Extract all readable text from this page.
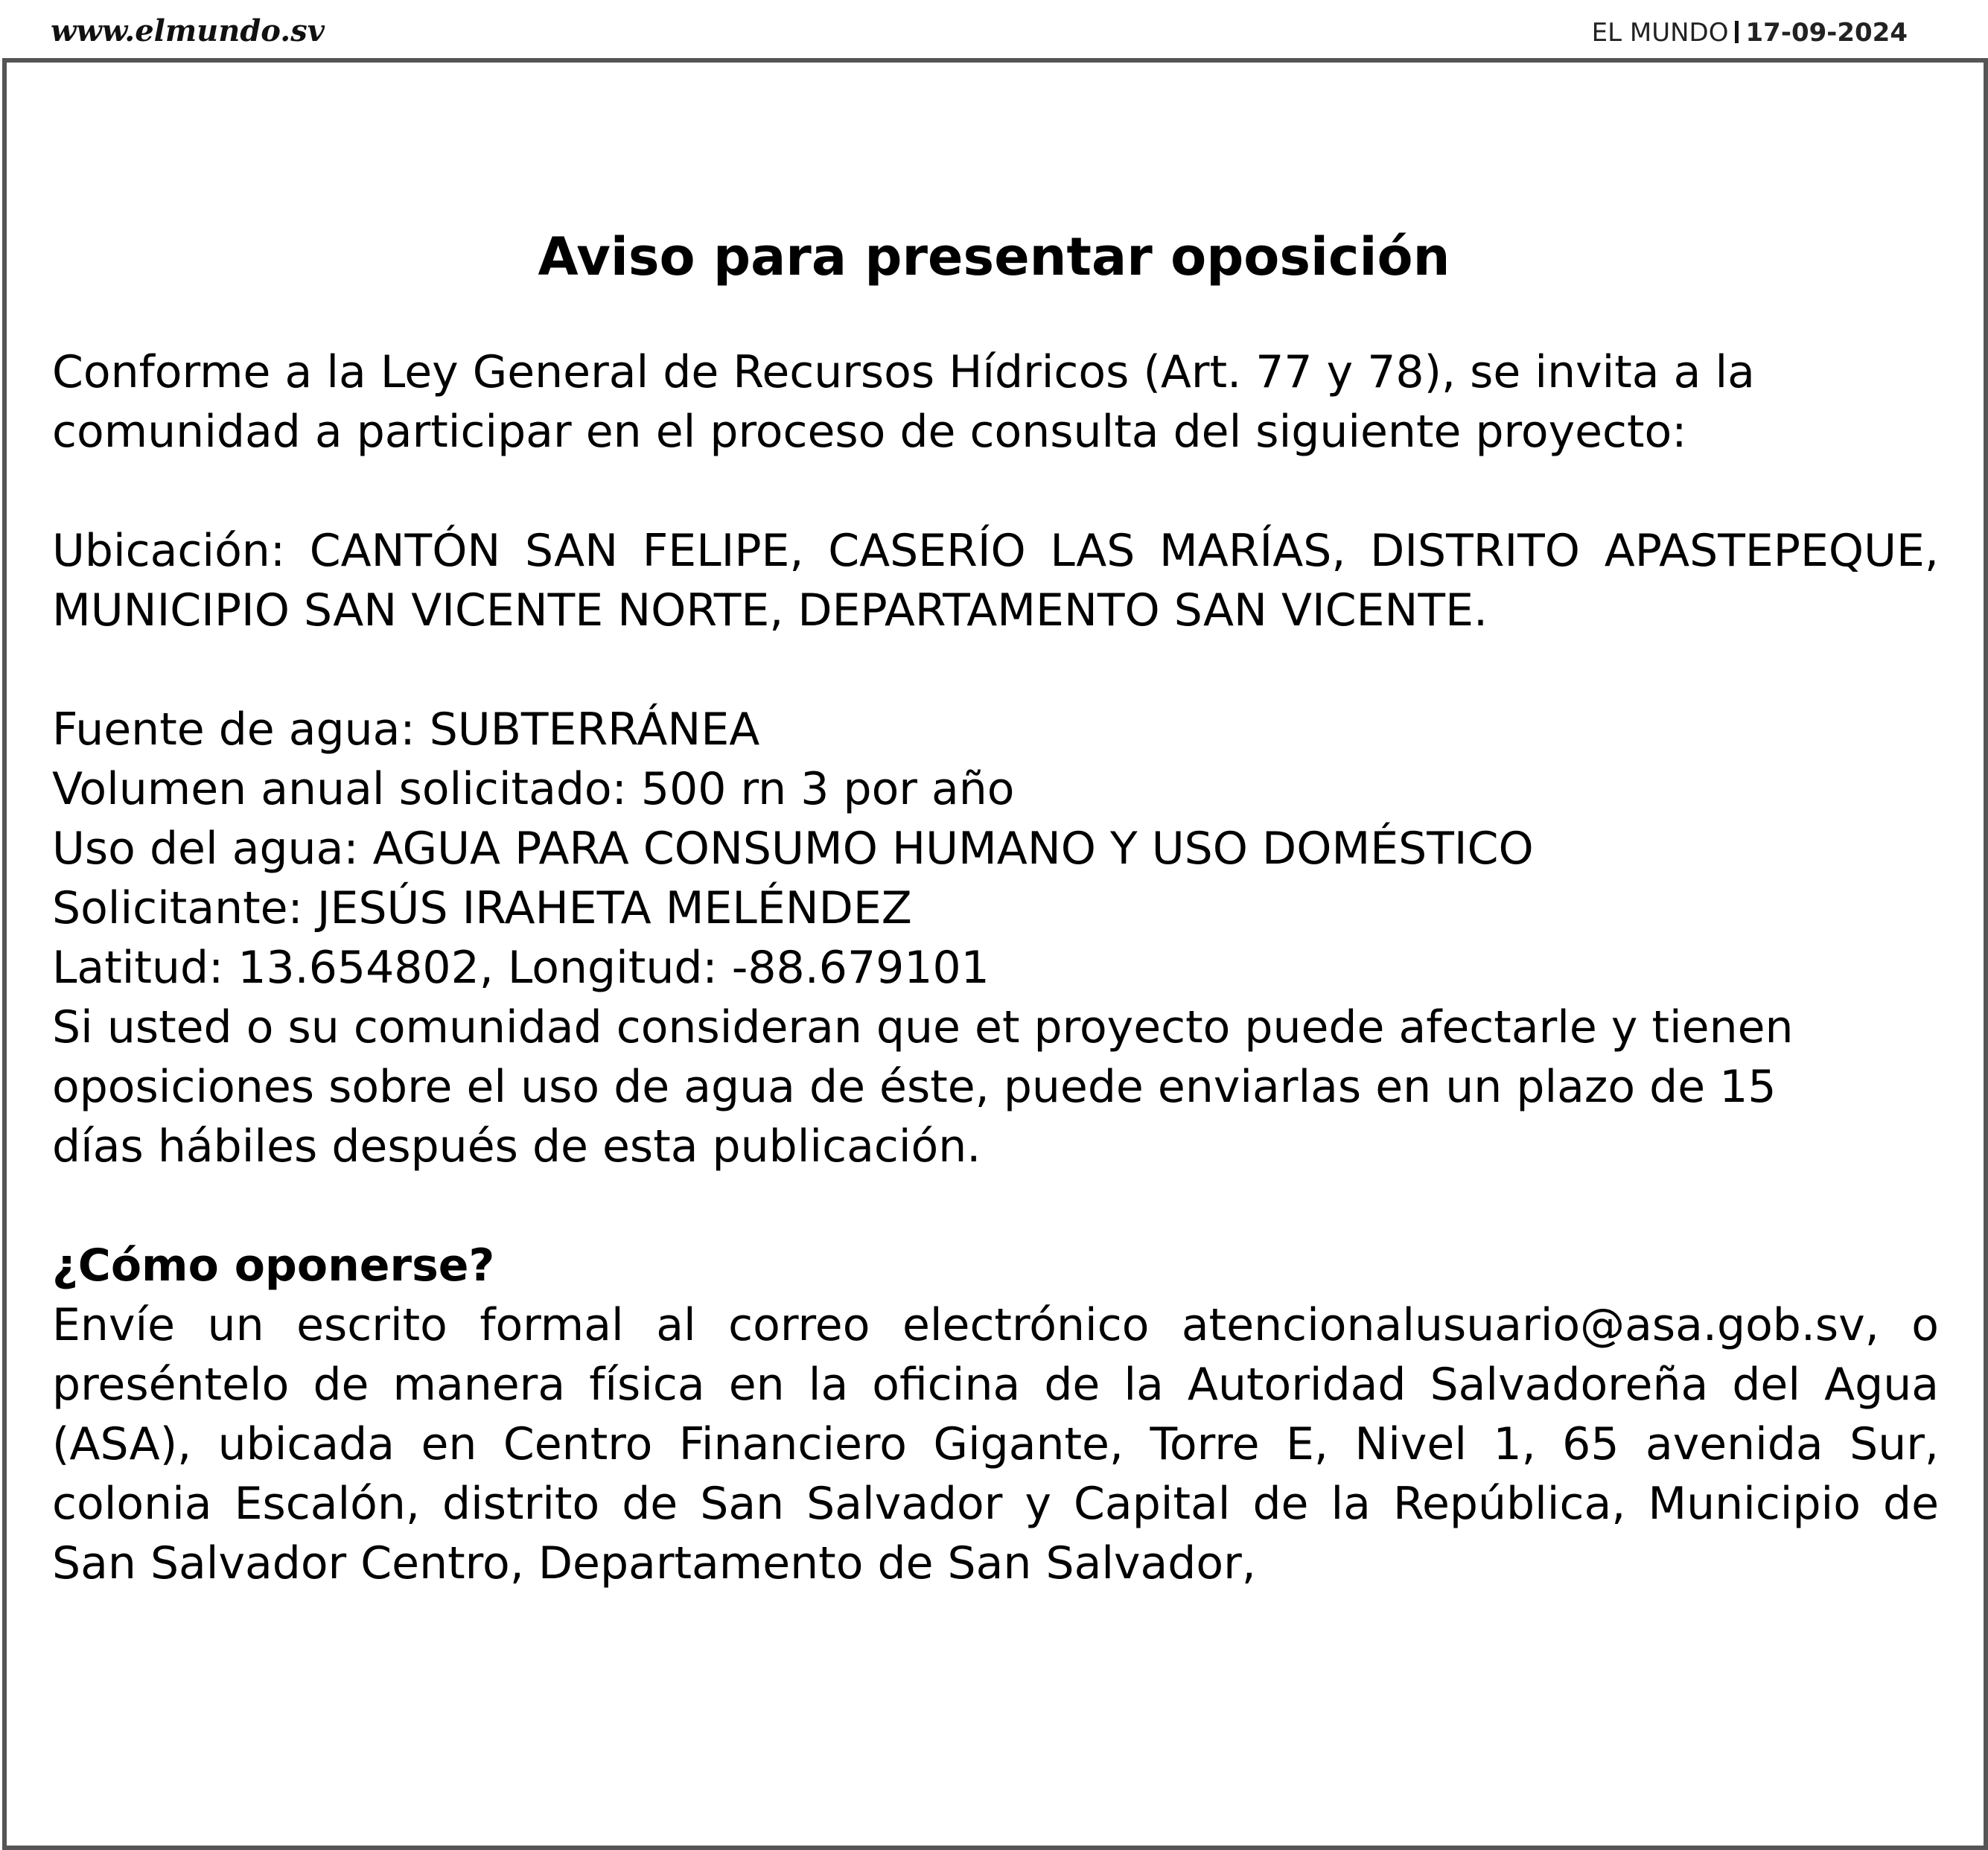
www.elmundo.sv	EL MUNDO 17-09-2024
Aviso para presentar oposición

Conforme a la Ley General de Recursos Hídricos (Art. 77 y 78), se invita a la comunidad a participar en el proceso de consulta del siguiente proyecto:

Ubicación: CANTÓN SAN FELIPE, CASERÍO LAS MARÍAS, DISTRITO APASTEPEQUE, MUNICIPIO SAN VICENTE NORTE, DEPARTAMENTO SAN VICENTE.

Fuente de agua: SUBTERRÁNEA

Volumen anual solicitado: 500 rn 3 por año

Uso del agua: AGUA PARA CONSUMO HUMANO Y USO DOMÉSTICO

Solicitante: JESÚS IRAHETA MELÉNDEZ

Latitud: 13.654802, Longitud: -88.679101

Si usted o su comunidad consideran que et proyecto puede afectarle y tienen oposiciones sobre el uso de agua de éste, puede enviarlas en un plazo de 15 días hábiles después de esta publicación.

¿Cómo oponerse?

Envíe un escrito formal al correo electrónico atencionalusuario@asa.gob.sv, o preséntelo de manera física en la oficina de la Autoridad Salvadoreña del Agua (ASA), ubicada en Centro Financiero Gigante, Torre E, Nivel 1, 65 avenida Sur, colonia Escalón, distrito de San Salvador y Capital de la República, Municipio de San Salvador Centro, Departamento de San Salvador,
